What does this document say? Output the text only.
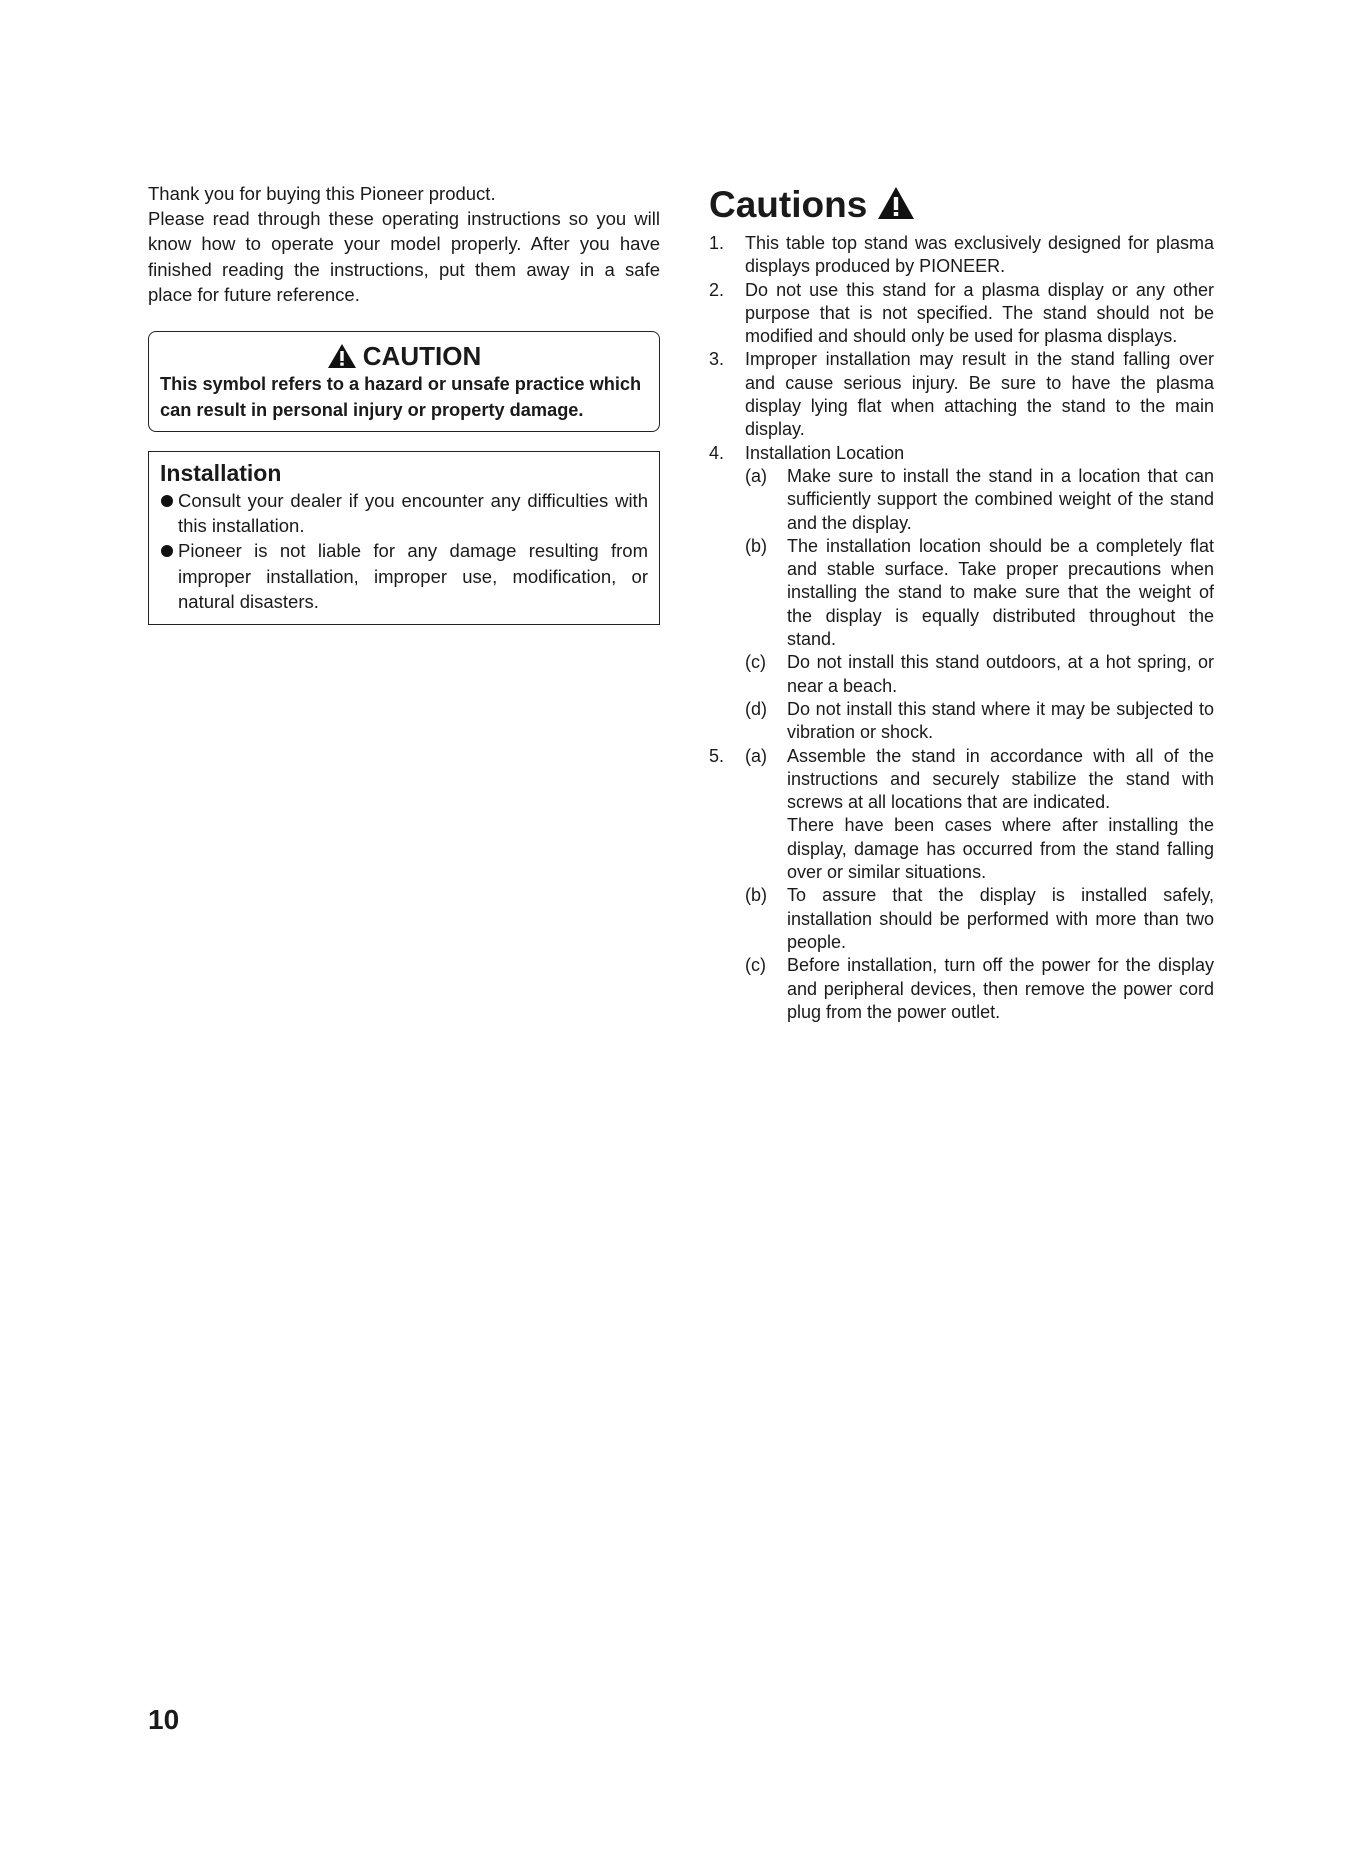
Thank you for buying this Pioneer product.

Please read through these operating instructions so you will know how to operate your model properly. After you have finished reading the instructions, put them away in a safe place for future reference.

CAUTION
This symbol refers to a hazard or unsafe practice which can result in personal injury or property damage.
Installation
Consult your dealer if you encounter any difficulties with this installation.
Pioneer is not liable for any damage resulting from improper installation, improper use, modification, or natural disasters.
Cautions
1. This table top stand was exclusively designed for plasma displays produced by PIONEER.
2. Do not use this stand for a plasma display or any other purpose that is not specified. The stand should not be modified and should only be used for plasma displays.
3. Improper installation may result in the stand falling over and cause serious injury. Be sure to have the plasma display lying flat when attaching the stand to the main display.
4. Installation Location
(a) Make sure to install the stand in a location that can sufficiently support the combined weight of the stand and the display.
(b) The installation location should be a completely flat and stable surface. Take proper precautions when installing the stand to make sure that the weight of the display is equally distributed throughout the stand.
(c) Do not install this stand outdoors, at a hot spring, or near a beach.
(d) Do not install this stand where it may be subjected to vibration or shock.
5. (a) Assemble the stand in accordance with all of the instructions and securely stabilize the stand with screws at all locations that are indicated.
There have been cases where after installing the display, damage has occurred from the stand falling over or similar situations.
(b) To assure that the display is installed safely, installation should be performed with more than two people.
(c) Before installation, turn off the power for the display and peripheral devices, then remove the power cord plug from the power outlet.
10
